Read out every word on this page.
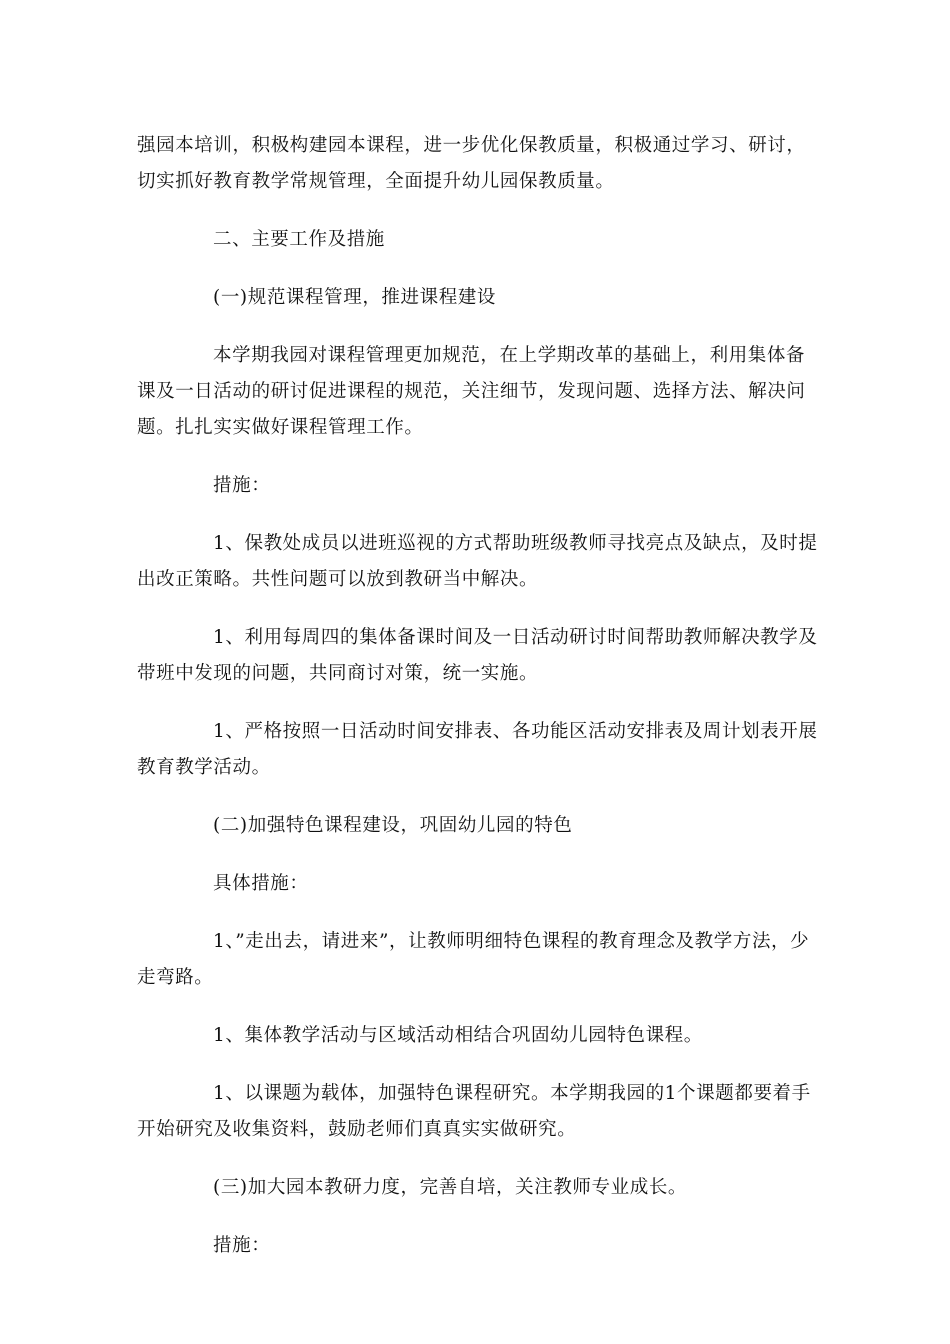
强园本培训，积极构建园本课程，进一步优化保教质量，积极通过学习、研讨，切实抓好教育教学常规管理，全面提升幼儿园保教质量。

二、主要工作及措施

(一)规范课程管理，推进课程建设

本学期我园对课程管理更加规范，在上学期改革的基础上，利用集体备课及一日活动的研讨促进课程的规范，关注细节，发现问题、选择方法、解决问题。扎扎实实做好课程管理工作。

措施：

1、保教处成员以进班巡视的方式帮助班级教师寻找亮点及缺点，及时提出改正策略。共性问题可以放到教研当中解决。

1、利用每周四的集体备课时间及一日活动研讨时间帮助教师解决教学及带班中发现的问题，共同商讨对策，统一实施。

1、严格按照一日活动时间安排表、各功能区活动安排表及周计划表开展教育教学活动。

(二)加强特色课程建设，巩固幼儿园的特色

具体措施：

1、”走出去，请进来”，让教师明细特色课程的教育理念及教学方法，少走弯路。

1、集体教学活动与区域活动相结合巩固幼儿园特色课程。

1、以课题为载体，加强特色课程研究。本学期我园的1个课题都要着手开始研究及收集资料，鼓励老师们真真实实做研究。

(三)加大园本教研力度，完善自培，关注教师专业成长。

措施：
